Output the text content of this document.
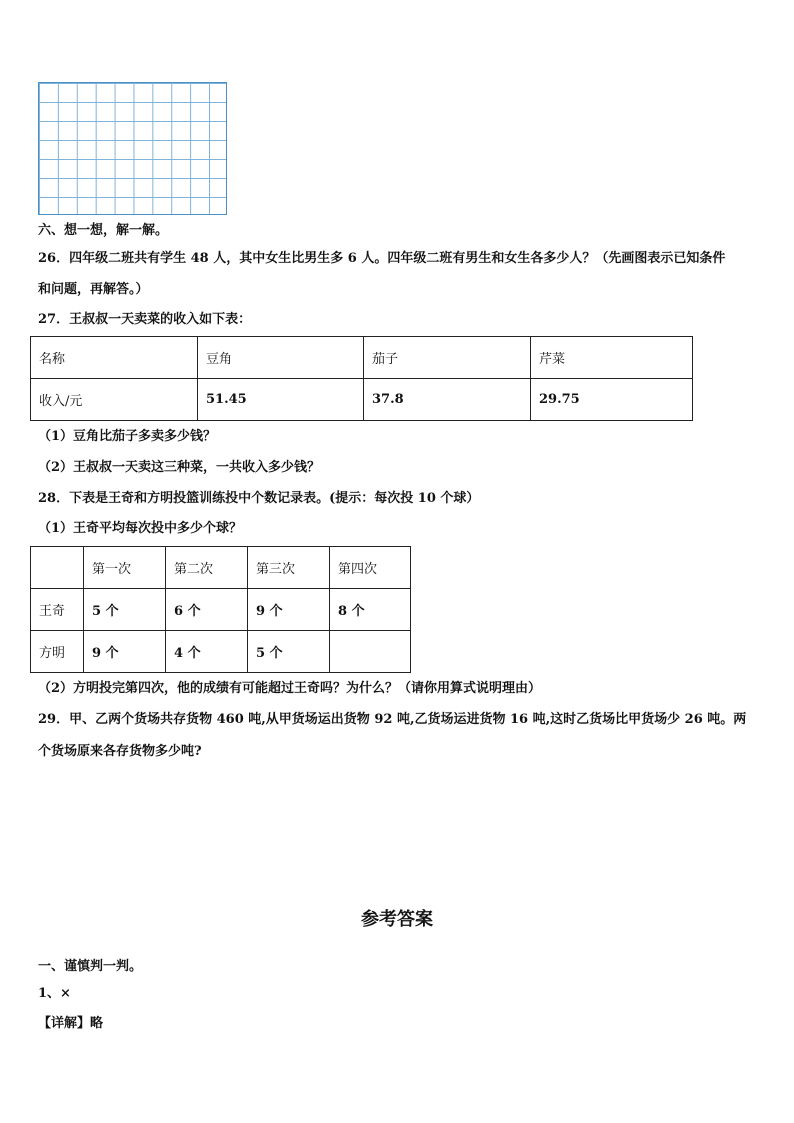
六、想一想，解一解。
26．四年级二班共有学生 48 人，其中女生比男生多 6 人。四年级二班有男生和女生各多少人？（先画图表示已知条件
和问题，再解答。）
27．王叔叔一天卖菜的收入如下表：
名称	豆角	茄子	芹菜
收入/元	51.45	37.8	29.75
（1）豆角比茄子多卖多少钱？
（2）王叔叔一天卖这三种菜，一共收入多少钱？
28．下表是王奇和方明投篮训练投中个数记录表。(提示：每次投 10 个球）
（1）王奇平均每次投中多少个球？
	第一次	第二次	第三次	第四次
王奇	5 个	6 个	9 个	8 个
方明	9 个	4 个	5 个	
（2）方明投完第四次，他的成绩有可能超过王奇吗？为什么？（请你用算式说明理由）
29．甲、乙两个货场共存货物 460 吨,从甲货场运出货物 92 吨,乙货场运进货物 16 吨,这时乙货场比甲货场少 26 吨。两
个货场原来各存货物多少吨?
参考答案
一、谨慎判一判。
1、×
【详解】略
